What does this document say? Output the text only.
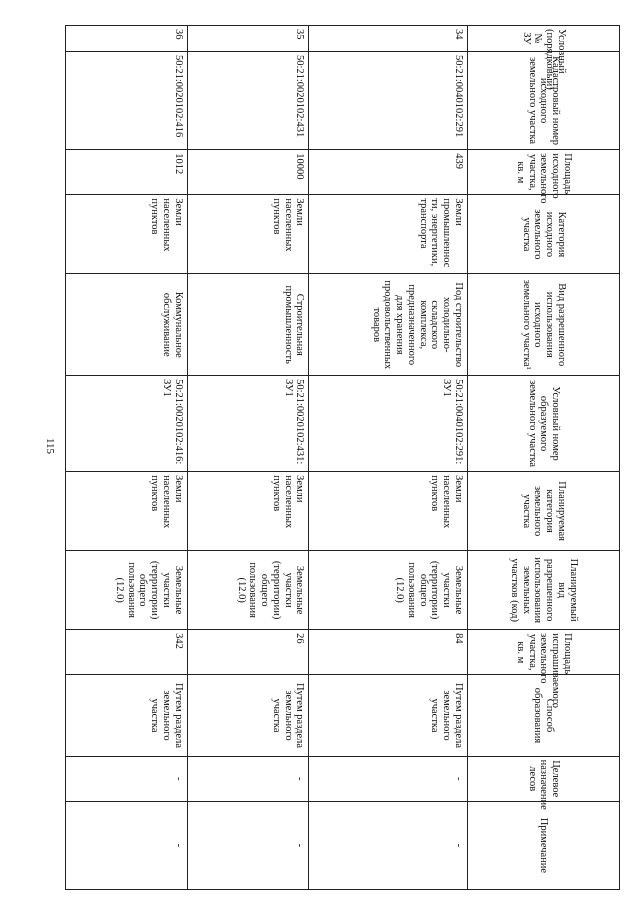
115
Условный (порядковый) № ЗУ	Кадастровый номер исходного земельного участка	Площадь исходного земельного участка, кв. м	Категория исходного земельного участка	Вид разрешенного использования исходного земельного участка¹	Условный номер образуемого земельного участка	Планируемая категория земельного участка	Планируемый вид разрешенного использования земельных участков (код)	Площадь испрашиваемого земельного участка, кв. м	Способ образования	Целевое назначение лесов	Примечание
34	50:21:0040102:291	439	Земли промышленности, энергетики, транспорта	Под строительство холодильно-складского комплекса, предназначенного для хранения продовольственных товаров	50:21:0040102:291:ЗУ1	Земли населенных пунктов	Земельные участки (территории) общего пользования (12.0)	84	Путем раздела земельного участка	-	-
35	50:21:0020102:431	10000	Земли населенных пунктов	Строительная промышленность	50:21:0020102:431:ЗУ1	Земли населенных пунктов	Земельные участки (территории) общего пользования (12.0)	26	Путем раздела земельного участка	-	-
36	50:21:0020102:416	1012	Земли населенных пунктов	Коммунальное обслуживание	50:21:0020102:416:ЗУ1	Земли населенных пунктов	Земельные участки (территории) общего пользования (12.0)	342	Путем раздела земельного участка	-	-
